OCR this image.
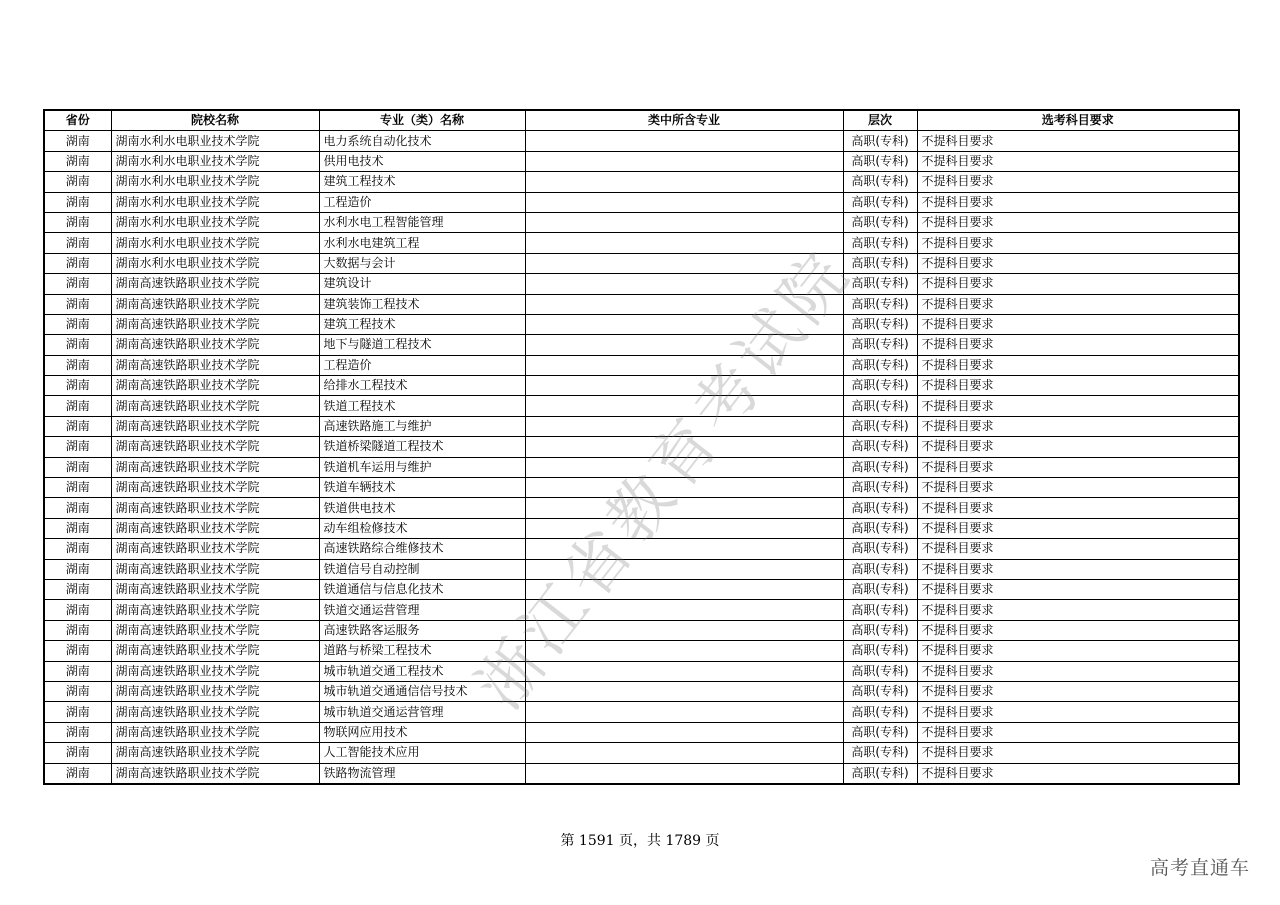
省份	院校名称	专业（类）名称	类中所含专业	层次	选考科目要求
湖南	湖南水利水电职业技术学院	电力系统自动化技术		高职(专科)	不提科目要求
湖南	湖南水利水电职业技术学院	供用电技术		高职(专科)	不提科目要求
湖南	湖南水利水电职业技术学院	建筑工程技术		高职(专科)	不提科目要求
湖南	湖南水利水电职业技术学院	工程造价		高职(专科)	不提科目要求
湖南	湖南水利水电职业技术学院	水利水电工程智能管理		高职(专科)	不提科目要求
湖南	湖南水利水电职业技术学院	水利水电建筑工程		高职(专科)	不提科目要求
湖南	湖南水利水电职业技术学院	大数据与会计		高职(专科)	不提科目要求
湖南	湖南高速铁路职业技术学院	建筑设计		高职(专科)	不提科目要求
湖南	湖南高速铁路职业技术学院	建筑装饰工程技术		高职(专科)	不提科目要求
湖南	湖南高速铁路职业技术学院	建筑工程技术		高职(专科)	不提科目要求
湖南	湖南高速铁路职业技术学院	地下与隧道工程技术		高职(专科)	不提科目要求
湖南	湖南高速铁路职业技术学院	工程造价		高职(专科)	不提科目要求
湖南	湖南高速铁路职业技术学院	给排水工程技术		高职(专科)	不提科目要求
湖南	湖南高速铁路职业技术学院	铁道工程技术		高职(专科)	不提科目要求
湖南	湖南高速铁路职业技术学院	高速铁路施工与维护		高职(专科)	不提科目要求
湖南	湖南高速铁路职业技术学院	铁道桥梁隧道工程技术		高职(专科)	不提科目要求
湖南	湖南高速铁路职业技术学院	铁道机车运用与维护		高职(专科)	不提科目要求
湖南	湖南高速铁路职业技术学院	铁道车辆技术		高职(专科)	不提科目要求
湖南	湖南高速铁路职业技术学院	铁道供电技术		高职(专科)	不提科目要求
湖南	湖南高速铁路职业技术学院	动车组检修技术		高职(专科)	不提科目要求
湖南	湖南高速铁路职业技术学院	高速铁路综合维修技术		高职(专科)	不提科目要求
湖南	湖南高速铁路职业技术学院	铁道信号自动控制		高职(专科)	不提科目要求
湖南	湖南高速铁路职业技术学院	铁道通信与信息化技术		高职(专科)	不提科目要求
湖南	湖南高速铁路职业技术学院	铁道交通运营管理		高职(专科)	不提科目要求
湖南	湖南高速铁路职业技术学院	高速铁路客运服务		高职(专科)	不提科目要求
湖南	湖南高速铁路职业技术学院	道路与桥梁工程技术		高职(专科)	不提科目要求
湖南	湖南高速铁路职业技术学院	城市轨道交通工程技术		高职(专科)	不提科目要求
湖南	湖南高速铁路职业技术学院	城市轨道交通通信信号技术		高职(专科)	不提科目要求
湖南	湖南高速铁路职业技术学院	城市轨道交通运营管理		高职(专科)	不提科目要求
湖南	湖南高速铁路职业技术学院	物联网应用技术		高职(专科)	不提科目要求
湖南	湖南高速铁路职业技术学院	人工智能技术应用		高职(专科)	不提科目要求
湖南	湖南高速铁路职业技术学院	铁路物流管理		高职(专科)	不提科目要求
浙江省教育考试院
第 1591 页，共 1789 页
高考直通车
